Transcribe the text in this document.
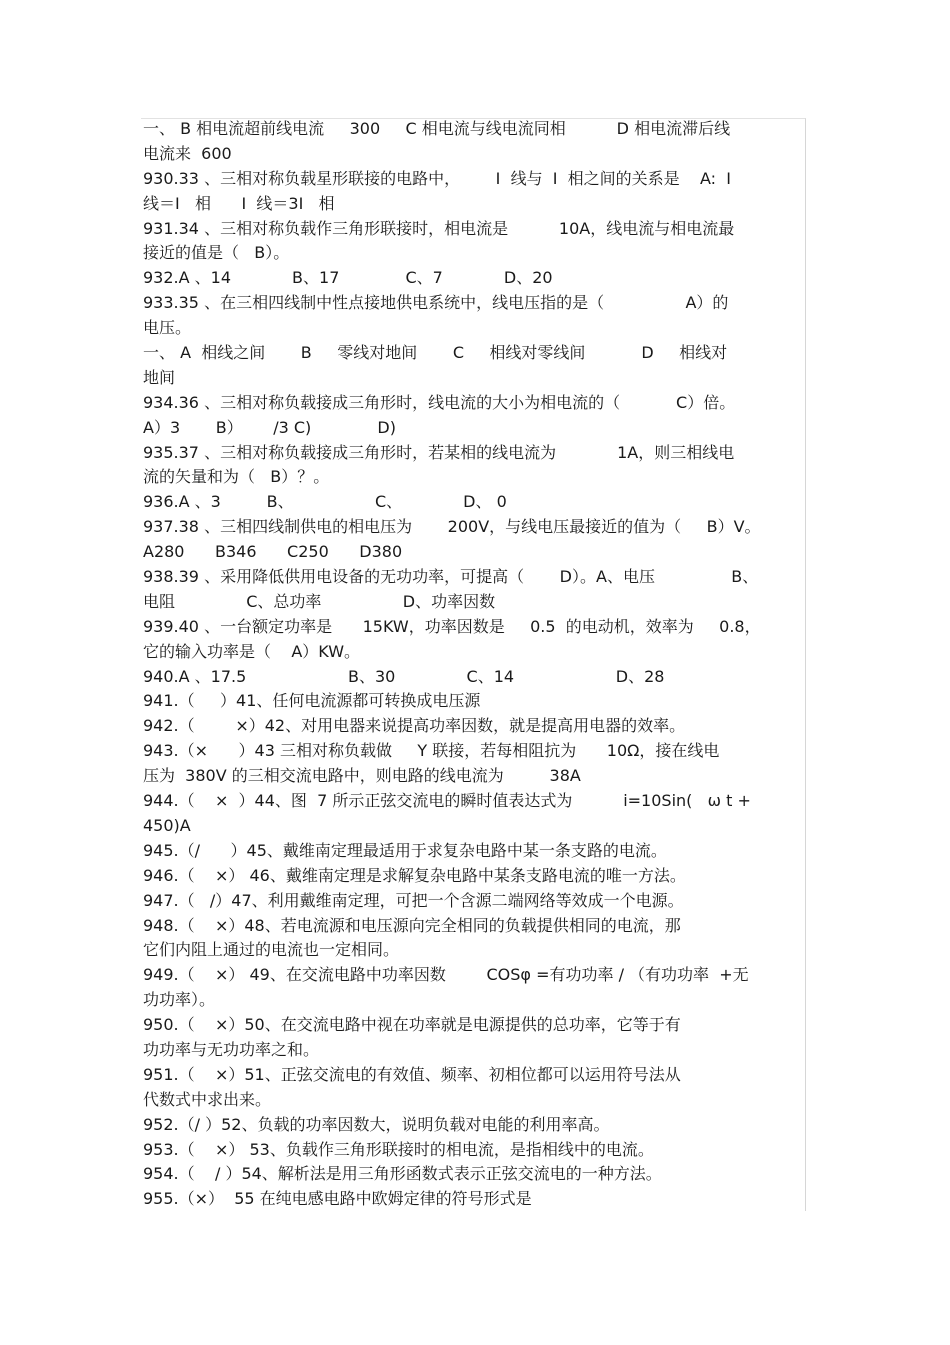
一、 B 相电流超前线电流     300     C 相电流与线电流同相          D 相电流滞后线
电流来  600
930.33 、三相对称负载星形联接的电路中，       I  线与  I  相之间的关系是    A:  I
线＝I   相      I  线＝3I   相
931.34 、三相对称负载作三角形联接时，相电流是          10A，线电流与相电流最
接近的值是（   B）。
932.A 、14            B、17             C、7            D、20
933.35 、在三相四线制中性点接地供电系统中，线电压指的是（                A）的
电压。
一、 A  相线之间       B     零线对地间       C     相线对零线间           D     相线对
地间
934.36 、三相对称负载接成三角形时，线电流的大小为相电流的（           C）倍。
A）3       B）      /3 C)             D)
935.37 、三相对称负载接成三角形时，若某相的线电流为            1A，则三相线电
流的矢量和为（   B）？。
936.A 、3         B、                C、            D、 0
937.38 、三相四线制供电的相电压为       200V，与线电压最接近的值为（     B）V。
A280      B346      C250      D380
938.39 、采用降低供用电设备的无功功率，可提高（       D）。A、电压               B、
电阻              C、总功率                D、功率因数
939.40 、一台额定功率是      15KW，功率因数是     0.5  的电动机，效率为     0.8，
它的输入功率是（    A）KW。
940.A 、17.5                    B、30              C、14                    D、28
941.（     ）41、任何电流源都可转换成电压源
942.（        ×）42、对用电器来说提高功率因数，就是提高用电器的效率。
943.（×      ）43 三相对称负载做     Y 联接，若每相阻抗为      10Ω，接在线电
压为  380V 的三相交流电路中，则电路的线电流为         38A
944.（    ×  ）44、图  7 所示正弦交流电的瞬时值表达式为          i=10Sin(   ω t +
450)A
945.（/      ）45、戴维南定理最适用于求复杂电路中某一条支路的电流。
946.（    ×） 46、戴维南定理是求解复杂电路中某条支路电流的唯一方法。
947.（   /）47、利用戴维南定理，可把一个含源二端网络等效成一个电源。
948.（    ×）48、若电流源和电压源向完全相同的负载提供相同的电流，那
它们内阻上通过的电流也一定相同。
949.（    ×） 49、在交流电路中功率因数        COSφ =有功功率 / （有功功率  +无
功功率）。
950.（    ×）50、在交流电路中视在功率就是电源提供的总功率，它等于有
功功率与无功功率之和。
951.（    ×）51、正弦交流电的有效值、频率、初相位都可以运用符号法从
代数式中求出来。
952.（/ ）52、负载的功率因数大，说明负载对电能的利用率高。
953.（    ×） 53、负载作三角形联接时的相电流，是指相线中的电流。
954.（    / ）54、解析法是用三角形函数式表示正弦交流电的一种方法。
955.（×）  55 在纯电感电路中欧姆定律的符号形式是
